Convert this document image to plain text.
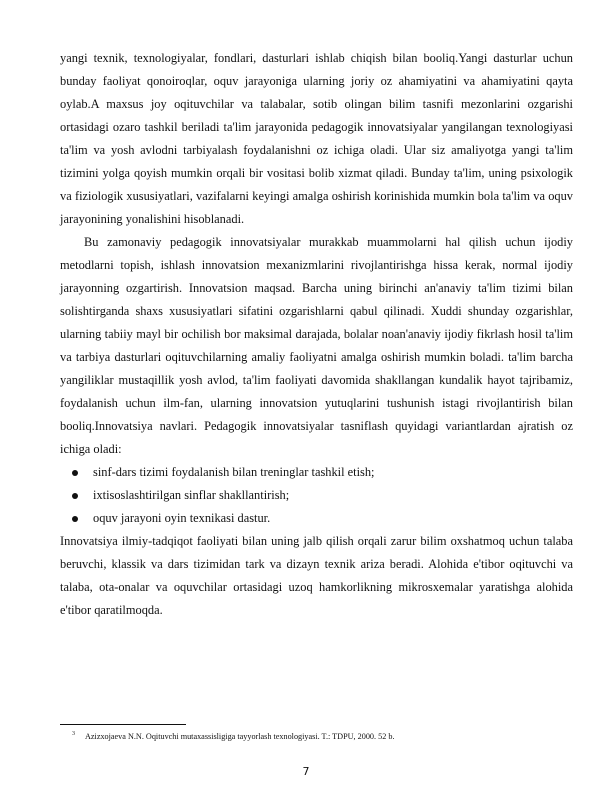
yangi texnik, texnologiyalar, fondlari, dasturlari ishlab chiqish bilan booliq.Yangi dasturlar uchun bunday faoliyat qonoiroqlar, oquv jarayoniga ularning joriy oz ahamiyatini va ahamiyatini qayta oylab.A maxsus joy oqituvchilar va talabalar, sotib olingan bilim tasnifi mezonlarini ozgarishi ortasidagi ozaro tashkil beriladi ta'lim jarayonida pedagogik innovatsiyalar yangilangan texnologiyasi ta'lim va yosh avlodni tarbiyalash foydalanishni oz ichiga oladi. Ular siz amaliyotga yangi ta'lim tizimini yolga qoyish mumkin orqali bir vositasi bolib xizmat qiladi. Bunday ta'lim, uning psixologik va fiziologik xususiyatlari, vazifalarni keyingi amalga oshirish korinishida mumkin bola ta'lim va oquv jarayonining yonalishini hisoblanadi.

Bu zamonaviy pedagogik innovatsiyalar murakkab muammolarni hal qilish uchun ijodiy metodlarni topish, ishlash innovatsion mexanizmlarini rivojlantirishga hissa kerak, normal ijodiy jarayonning ozgartirish. Innovatsion maqsad. Barcha uning birinchi an'anaviy ta'lim tizimi bilan solishtirganda shaxs xususiyatlari sifatini ozgarishlarni qabul qilinadi. Xuddi shunday ozgarishlar, ularning tabiiy mayl bir ochilish bor maksimal darajada, bolalar noan'anaviy ijodiy fikrlash hosil ta'lim va tarbiya dasturlari oqituvchilarning amaliy faoliyatni amalga oshirish mumkin boladi. ta'lim barcha yangiliklar mustaqillik yosh avlod, ta'lim faoliyati davomida shakllangan kundalik hayot tajribamiz, foydalanish uchun ilm-fan, ularning innovatsion yutuqlarini tushunish istagi rivojlantirish bilan booliq.Innovatsiya navlari. Pedagogik innovatsiyalar tasniflash quyidagi variantlardan ajratish oz ichiga oladi:

sinf-dars tizimi foydalanish bilan treninglar tashkil etish;
ixtisoslashtirilgan sinflar shakllantirish;
oquv jarayoni oyin texnikasi dastur.

Innovatsiya ilmiy-tadqiqot faoliyati bilan uning jalb qilish orqali zarur bilim oxshatmoq uchun talaba beruvchi, klassik va dars tizimidan tark va dizayn texnik ariza beradi. Alohida e'tibor oqituvchi va talaba, ota-onalar va oquvchilar ortasidagi uzoq hamkorlikning mikrosxemalar yaratishga alohida e'tibor qaratilmoqda.

$^3$ Azizxojaeva N.N. Oqituvchi mutaxassisligiga tayyorlash texnologiyasi. T.: TDPU, 2000. 52 b.
7
